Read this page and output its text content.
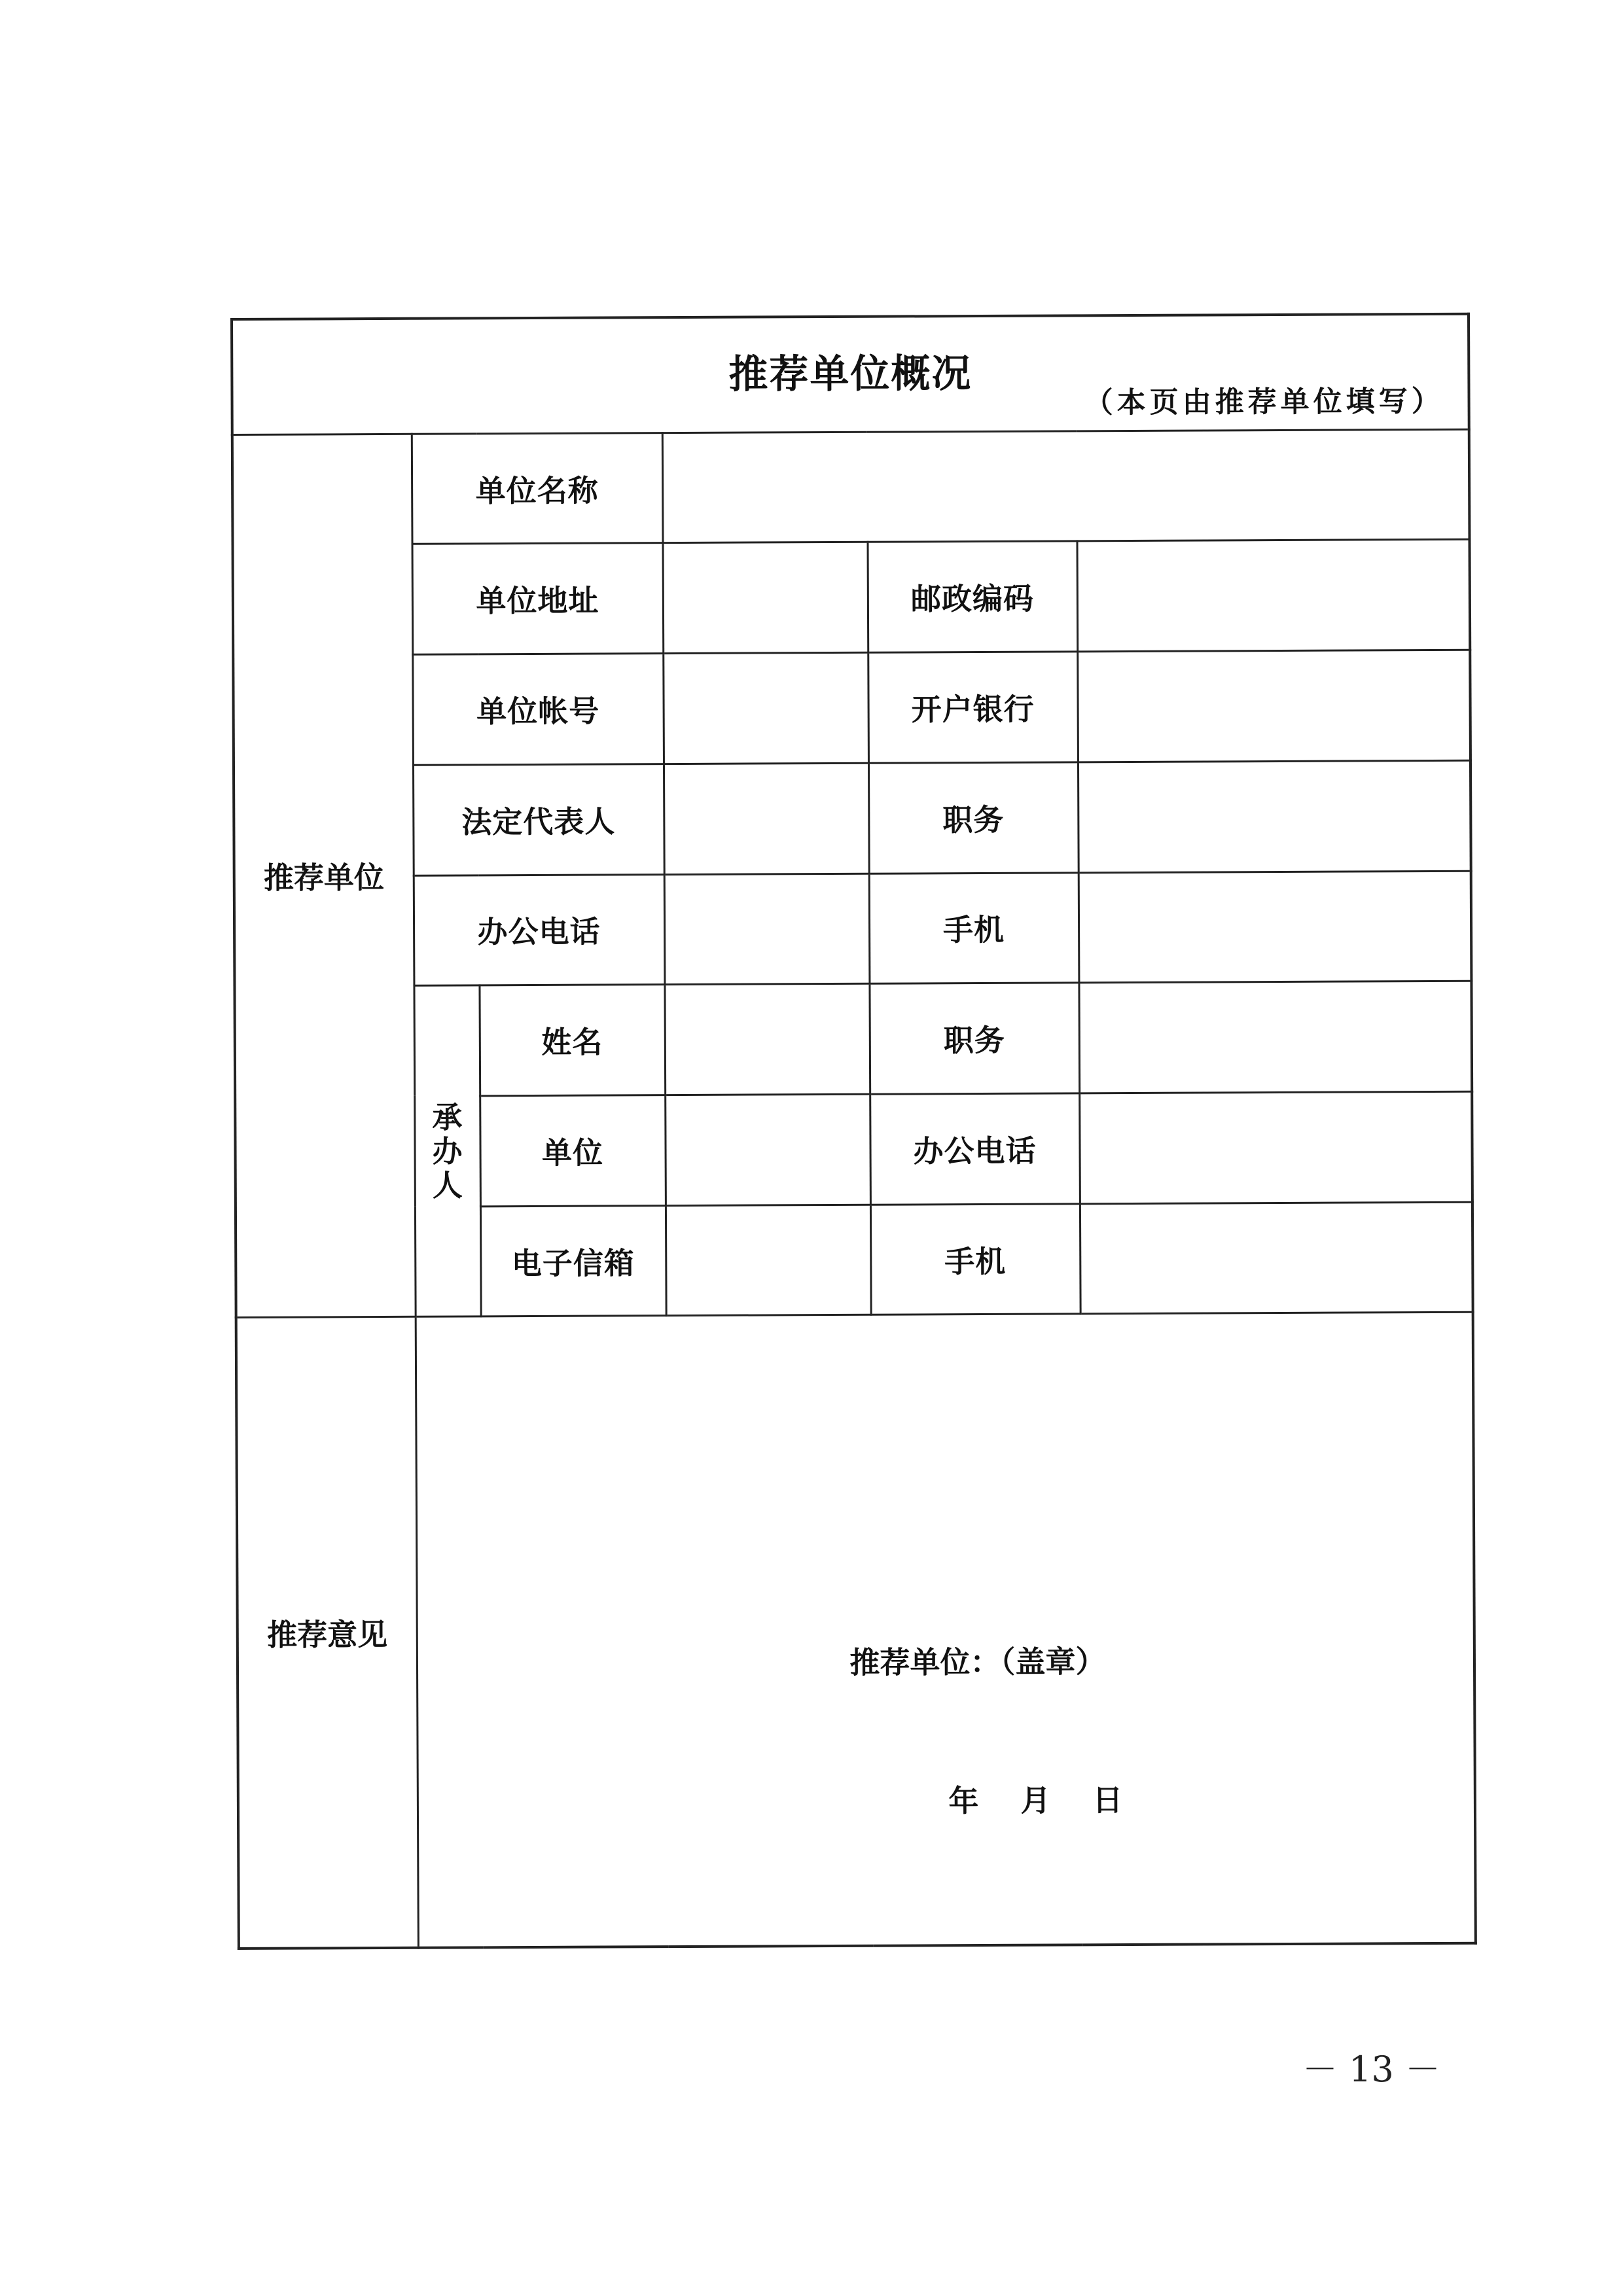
推荐单位概况
（本页由推荐单位填写）					

推荐单位	单位名称				
	单位地址			邮政编码	
	单位帐号			开户银行	
	法定代表人			职务	
	办公电话			手机	

	承办人	姓名		职务	
		单位		办公电话	
		电子信箱		手机	
推荐意见	推荐单位：（盖章）
年    月    日				
－ 13 －
